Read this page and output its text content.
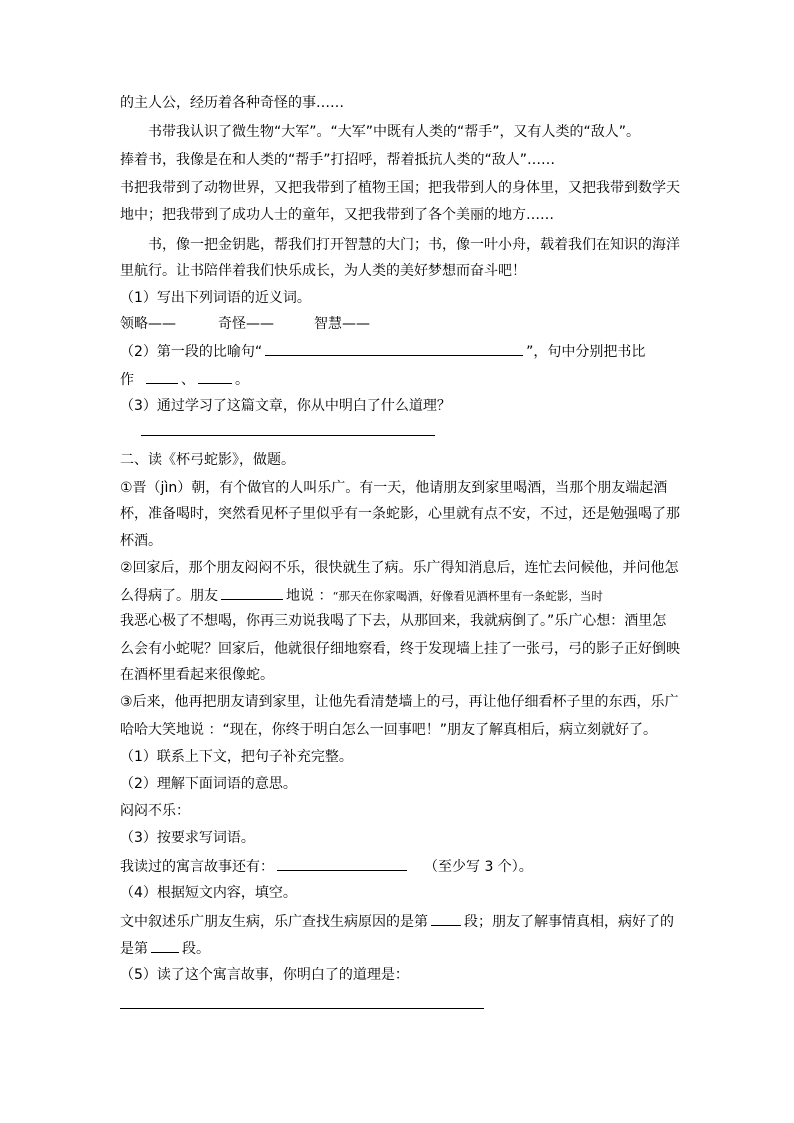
的主人公，经历着各种奇怪的事……
书带我认识了微生物“大军”。“大军”中既有人类的“帮手”，又有人类的“敌人”。
捧着书，我像是在和人类的“帮手”打招呼，帮着抵抗人类的“敌人”……
书把我带到了动物世界，又把我带到了植物王国；把我带到人的身体里，又把我带到数学天
地中；把我带到了成功人士的童年，又把我带到了各个美丽的地方……
书，像一把金钥匙，帮我们打开智慧的大门；书，像一叶小舟，载着我们在知识的海洋
里航行。让书陪伴着我们快乐成长，为人类的美好梦想而奋斗吧！
（1）写出下列词语的近义词。
领略——	奇怪——	智慧——
（2）第一段的比喻句“	”，句中分别把书比
作	、	。
（3）通过学习了这篇文章，你从中明白了什么道理？
二、读《杯弓蛇影》，做题。
①晋（jìn）朝，有个做官的人叫乐广。有一天，他请朋友到家里喝酒，当那个朋友端起酒
杯，准备喝时，突然看见杯子里似乎有一条蛇影，心里就有点不安，不过，还是勉强喝了那
杯酒。
②回家后，那个朋友闷闷不乐，很快就生了病。乐广得知消息后，连忙去问候他，并问他怎
么得病了。朋友	地说 ：“那天在你家喝酒，好像看见酒杯里有一条蛇影，当时
我恶心极了不想喝，你再三劝说我喝了下去，从那回来，我就病倒了。”乐广心想：酒里怎
么会有小蛇呢？回家后，他就很仔细地察看，终于发现墙上挂了一张弓，弓的影子正好倒映
在酒杯里看起来很像蛇。
③后来，他再把朋友请到家里，让他先看清楚墙上的弓，再让他仔细看杯子里的东西，乐广
哈哈大笑地说 ：“现在，你终于明白怎么一回事吧！”朋友了解真相后，病立刻就好了。
（1）联系上下文，把句子补充完整。
（2）理解下面词语的意思。
闷闷不乐：
（3）按要求写词语。
我读过的寓言故事还有：	（至少写 3 个）。
（4）根据短文内容，填空。
文中叙述乐广朋友生病，乐广查找生病原因的是第	段；朋友了解事情真相，病好了的
是第 段。
（5）读了这个寓言故事，你明白了的道理是：
